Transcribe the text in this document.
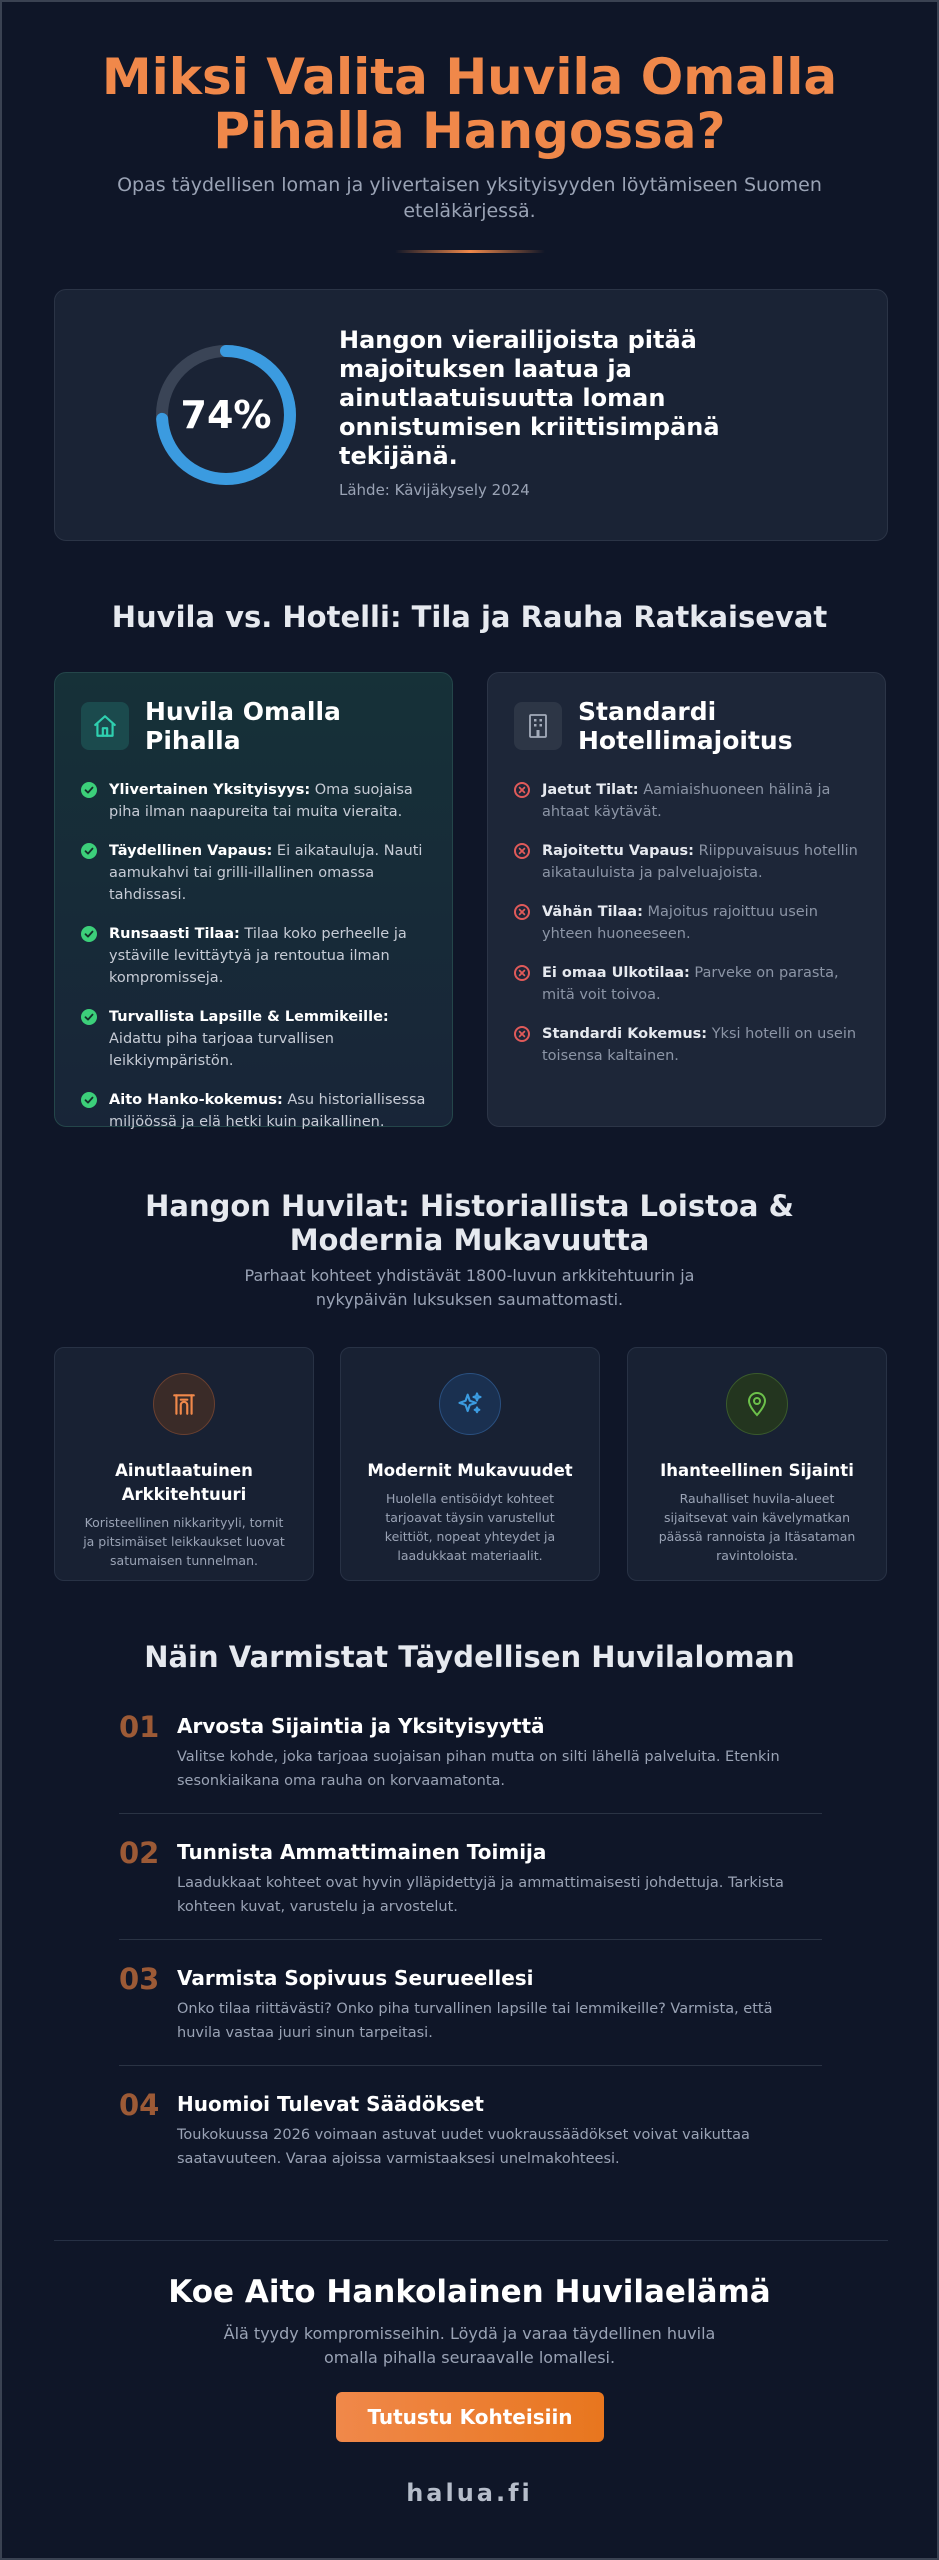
Miksi Valita Huvila Omalla Pihalla Hangossa?

Opas täydellisen loman ja ylivertaisen yksityisyyden löytämiseen Suomen eteläkärjessä.

74%

Hangon vierailijoista pitää majoituksen laatua ja ainutlaatuisuutta loman onnistumisen kriittisimpänä tekijänä.

Lähde: Kävijäkysely 2024

Huvila vs. Hotelli: Tila ja Rauha Ratkaisevat
Huvila Omalla Pihalla
Ylivertainen Yksityisyys: Oma suojaisa piha ilman naapureita tai muita vieraita.
Täydellinen Vapaus: Ei aikatauluja. Nauti aamukahvi tai grilli-illallinen omassa tahdissasi.
Runsaasti Tilaa: Tilaa koko perheelle ja ystäville levittäytyä ja rentoutua ilman kompromisseja.
Turvallista Lapsille & Lemmikeille: Aidattu piha tarjoaa turvallisen leikkiympäristön.
Aito Hanko-kokemus: Asu historiallisessa miljöössä ja elä hetki kuin paikallinen.
Standardi Hotellimajoitus
Jaetut Tilat: Aamiaishuoneen hälinä ja ahtaat käytävät.
Rajoitettu Vapaus: Riippuvaisuus hotellin aikatauluista ja palveluajoista.
Vähän Tilaa: Majoitus rajoittuu usein yhteen huoneeseen.
Ei omaa Ulkotilaa: Parveke on parasta, mitä voit toivoa.
Standardi Kokemus: Yksi hotelli on usein toisensa kaltainen.
Hangon Huvilat: Historiallista Loistoa & Modernia Mukavuutta

Parhaat kohteet yhdistävät 1800-luvun arkkitehtuurin ja nykypäivän luksuksen saumattomasti.

Ainutlaatuinen Arkkitehtuuri
Koristeellinen nikkarityyli, tornit ja pitsimäiset leikkaukset luovat satumaisen tunnelman.
Modernit Mukavuudet
Huolella entisöidyt kohteet tarjoavat täysin varustellut keittiöt, nopeat yhteydet ja laadukkaat materiaalit.
Ihanteellinen Sijainti
Rauhalliset huvila-alueet sijaitsevat vain kävelymatkan päässä rannoista ja Itäsataman ravintoloista.
Näin Varmistat Täydellisen Huvilaloman
01 Arvosta Sijaintia ja Yksityisyyttä
Valitse kohde, joka tarjoaa suojaisan pihan mutta on silti lähellä palveluita. Etenkin sesonkiaikana oma rauha on korvaamatonta.
02 Tunnista Ammattimainen Toimija
Laadukkaat kohteet ovat hyvin ylläpidettyjä ja ammattimaisesti johdettuja. Tarkista kohteen kuvat, varustelu ja arvostelut.
03 Varmista Sopivuus Seurueellesi
Onko tilaa riittävästi? Onko piha turvallinen lapsille tai lemmikeille? Varmista, että huvila vastaa juuri sinun tarpeitasi.
04 Huomioi Tulevat Säädökset
Toukokuussa 2026 voimaan astuvat uudet vuokraussäädökset voivat vaikuttaa saatavuuteen. Varaa ajoissa varmistaaksesi unelmakohteesi.
Koe Aito Hankolainen Huvilaelämä

Älä tyydy kompromisseihin. Löydä ja varaa täydellinen huvila omalla pihalla seuraavalle lomallesi.

Tutustu Kohteisiin
halua.fi
